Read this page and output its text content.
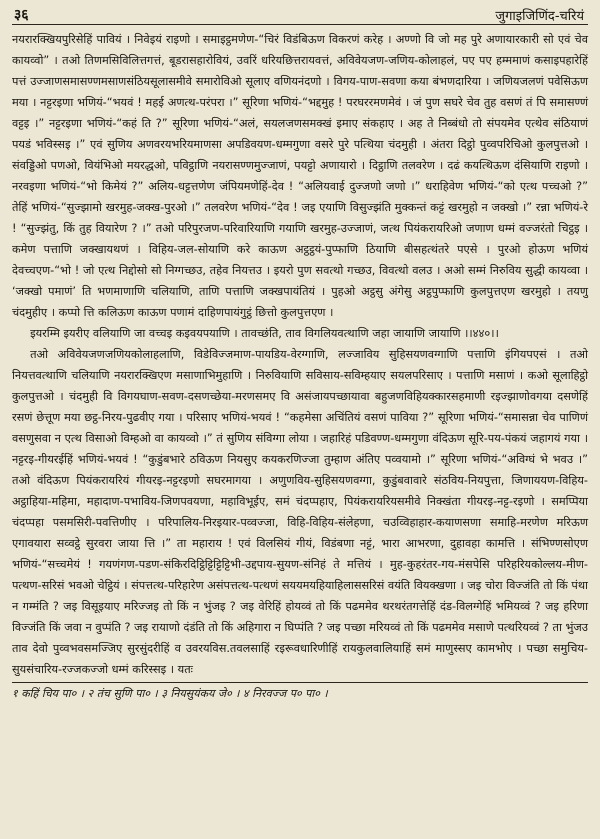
३६	जुगाइजिणिंद-चरियं

नयरारक्खियपुरिसेहिं पावियं । निवेइयं राइणो । समाइट्ठमणेण-“चिरं विडंबिऊण विकरणं करेह । अण्णो वि जो मह पुरे अणायारकारी सो एवं चेव कायव्वो” । तओ तिणमसिविलित्तगत्तं, बूडरासहारोवियं, उवरिं धरियछित्तरायवत्तं, अविवेयजण-जणिय-कोलाहलं, पए पए हम्ममाणं कसाइपहारेहिं पत्तं उज्जाणसमासण्णमसाणसंठियसूलासमीवे समारोविओ सूलाए वणियनंदणो । विगय-पाण-सवणा कया बंभणदारिया । जणियजलणं पवेसिऊण मया । नट्टरइणा भणियं-“भयवं ! महई अणत्थ-परंपरा ।” सूरिणा भणियं-“भद्दमुह ! परघररमणमेवं । जं पुण सघरे चेव तुह वसणं तं पि समासण्णं वट्टइ ।” नट्टरइणा भणियं-“कहं ति ?” सूरिणा भणियं-“अलं, सयलजणसमक्खं इमाए संकहाए । अह ते निब्बंधो तो संपयमेव एत्थेव संठियाणं पयडं भविस्सइ ।” एवं सुणिय अणवरयभरियमाणसा अपडिवयण-धम्मगुणा वसरे पुरे पत्थिया चंदमुही । अंतरा दिट्ठो पुव्वपरिचिओ कुलपुत्तओ । संवड्डिओ पणओ, वियंभिओ मयरद्धओ, पविट्ठाणि नयरासण्णमुज्जाणं, पयट्टो अणायारो । दिट्ठाणि तलवरेण । दढं कयत्थिऊण दंसियाणि राइणो । नरवइणा भणियं-“भो किमेयं ?” अलिय-धट्टत्तणेण जंपियमणेहिं-देव ! “अलियवाई दुज्जणो जणो ।” धराहिवेण भणियं-“को एत्थ पच्चओ ?” तेहिं भणियं-“सुज्झामो खरमुह-जक्ख-पुरओ ।” तलवरेण भणियं-“देव ! जइ एयाणि विसुज्झंति मुक्कन्तं कट्टं खरमुहो न जक्खो ।” रन्ना भणियं-रे ! “सुज्झंतु, किं तुह वियारेण ? ।” तओ परिपुरजण-परिवारियाणि गयाणि खरमुह-उज्जाणं, जत्थ पियंकरायरिओ जणाण धम्मं वज्जरंतो चिट्ठइ । कमेण पत्ताणि जक्खायथणं । विहिय-जल-सोयाणि करे काऊण अट्ठट्ठयं-पुप्फाणि ठियाणि बीसहत्थंतरे पएसे । पुरओ होऊण भणियं देवच्चएण-“भो ! जो एत्थ निद्दोसो सो निग्गच्छउ, तहेव नियत्तउ । इयरो पुण सवत्थो गच्छउ, विवत्थो वलउ । अओ सम्मं निरुविय सुद्धी कायव्वा । ‘जक्खो पमाणं’ ति भणमाणाणि चलियाणि, ताणि पत्ताणि जक्खपायंतियं । पुहओ अट्ठसु अंगेसु अट्ठपुप्फाणि कुलपुत्तएण खरमुहो । तयणु चंदमुहीए । कप्पो त्ति कलिऊण काऊण पणामं दाहिणपायंगुट्ठं छित्तो कुलपुत्तएण ।

इयरम्मि इयरीए वलियाणि जा वच्चइ कइवयपयाणि । तावच्छंति, ताव विगलियवत्थाणि जहा जायाणि जायाणि ।।४४०।।

तओ अविवेयजणजणियकोलाहलाणि, विडेविज्जमाण-पायडिय-वेरग्गाणि, लज्जाविय सुहिसयणवग्गाणि पत्ताणि इंगियपएसं । तओ नियत्तवत्थाणि चलियाणि नयरारक्खिएण मसाणाभिमुहाणि । निरुवियाणि सविसाय-सविम्हयाए सयलपरिसाए । पत्ताणि मसाणं । कओ सूलाहिट्ठो कुलपुत्तओ । चंदमुही वि विगयघाण-सवण-दसणच्छेया-मरणसमए वि असंजायपच्छायावा बहुजणविहियक्कारसहमाणी रइज्झाणोवगया दसणेहिं रसणं छेत्तूण मया छट्ठ-निरय-पुढवीए गया । परिसाए भणियं-भयवं ! “कहमेसा अचिंतियं वसणं पाविया ?” सूरिणा भणियं-“समासन्ना चेव पाणिणं वसणुसवा न एत्थ विसाओ विम्हओ वा कायव्वो ।” तं सुणिय संविग्गा लोया । जहारिहं पडिवण्ण-धम्मगुणा वंदिऊण सूरि-पय-पंकयं जहागयं गया । नट्टरइ-गीयरईहिं भणियं-भयवं ! “कुडुंबभारे ठविऊण नियसुए कयकरणिज्जा तुम्हाण अंतिए पव्वयामो ।” सूरिणा भणियं-“अविग्घं भे भवउ ।” तओ वंदिऊण पियंकरायरियं गीयरइ-नट्टरइणो सघरमागया । अणुणविय-सुहिसयणवग्गा, कुडुंबवावारे संठविय-नियपुत्ता, जिणाययण-विहिय-अट्ठाहिया-महिमा, महादाण-पभाविय-जिणपवयणा, महाविभूईए, समं चंदप्पहाए, पियंकरायरियसमीवे निक्खंता गीयरइ-नट्ट-रइणो । समप्पिया चंदप्पहा पसमसिरी-पवत्तिणीए । परिपालिय-निरइयार-पव्वज्जा, विहि-विहिय-संलेहणा, चउव्विहाहार-कयाणसणा समाहि-मरणेण मरिऊण एगावयारा सव्वट्ठे सुरवरा जाया त्ति ।” ता महाराय ! एवं विलसियं गीयं, विडंबणा नट्टं, भारा आभरणा, दुहावहा कामत्ति । संभिण्णसोएण भणियं-“सच्चमेयं ! गयणंगण-पडण-संकिरदिट्ठिट्टिट्टिट्टिभी-उद्दपाय-सुयण-संनिहं ते मत्तियं । मुह-कुहरंतर-गय-मंसपेसि परिहरियकोल्लय-मीण-पत्थण-सरिसं भवओ चेट्ठियं । संपत्तत्थ-परिहारेण असंपत्तत्थ-पत्थणं सययमयहियाहिलाससरिसं वयंति वियक्खणा । जइ चोरा विज्जंति तो किं पंथा न गम्मंति ? जइ विसूइयाए मरिज्जइ तो किं न भुंजइ ? जइ वेरिहिं होयव्वं तो किं पढममेव थरथरंतगत्तेहिं दंड-विलग्गेहिं भमियव्वं ? जइ हरिणा विज्जंति किं जवा न वुप्पंति ? जइ रायाणो दंडंति तो किं अहिगारा न घिप्पंति ? जइ पच्छा मरियव्वं तो किं पढममेव मसाणे पत्थरियव्वं ? ता भुंजउ ताव देवो पुव्वभवसमज्जिए सुरसुंदरीहिं व उवरयविस.तवलसाहिं रइरूवधारिणीहिं रायकुलवालियाहिं समं माणुस्सए कामभोए । पच्छा समुचिय-सुयसंचारिय-रज्जकज्जो धम्मं करिस्सइ । यतः

१ कहिं चिय पा० । २ तंच सुणि पा० । ३ नियसुयंकय जे० । ४ निरवज्ज प० पा० ।
